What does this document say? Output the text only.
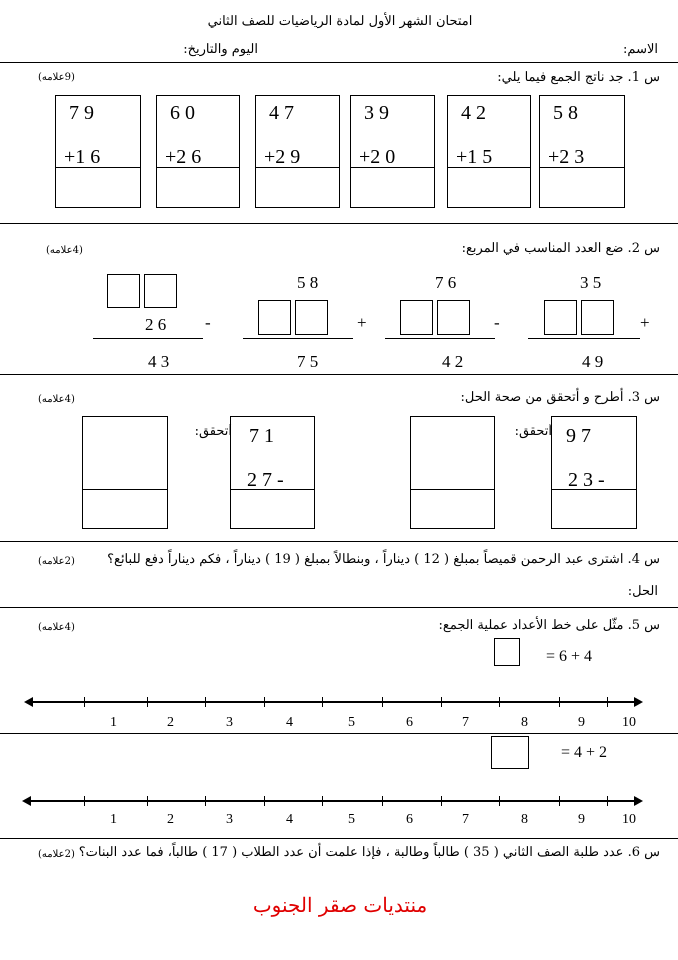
امتحان الشهر الأول لمادة الرياضيات للصف الثاني
الاسم:
اليوم والتاريخ:
س 1. جد ناتج الجمع فيما يلي:
(9علامه)
5 8
+2 3
4 2
+1 5
3 9
+2 0
4 7
+2 9
6 0
+2 6
7 9
+1 6
س 2. ضع العدد المناسب في المربع:
(4علامه)
3 5
+
4 9
7 6
-
4 2
5 8
+
7 5
2 6 -
4 3
س 3. أطرح و أتحقق من صحة الحل:
(4علامه)
أتحقق: 9 7
2 3 -
أتحقق: 7 1
2 7 -
س 4. اشترى عبد الرحمن قميصاً بمبلغ ( 12 ) ديناراً ، وبنطالاً بمبلغ ( 19 ) ديناراً ، فكم ديناراً دفع للبائع؟
(2علامه)
الحل:
س 5. مثّل على خط الأعداد عملية الجمع:
(4علامه)
= 6 + 4
1	2	3	4	5	6	7	8	9	10
= 4 + 2
1	2	3	4	5	6	7	8	9	10
س 6. عدد طلبة الصف الثاني ( 35 ) طالباً وطالبة ، فإذا علمت أن عدد الطلاب ( 17 ) طالباً، فما عدد البنات؟
(2علامه)
منتديات صقر الجنوب
